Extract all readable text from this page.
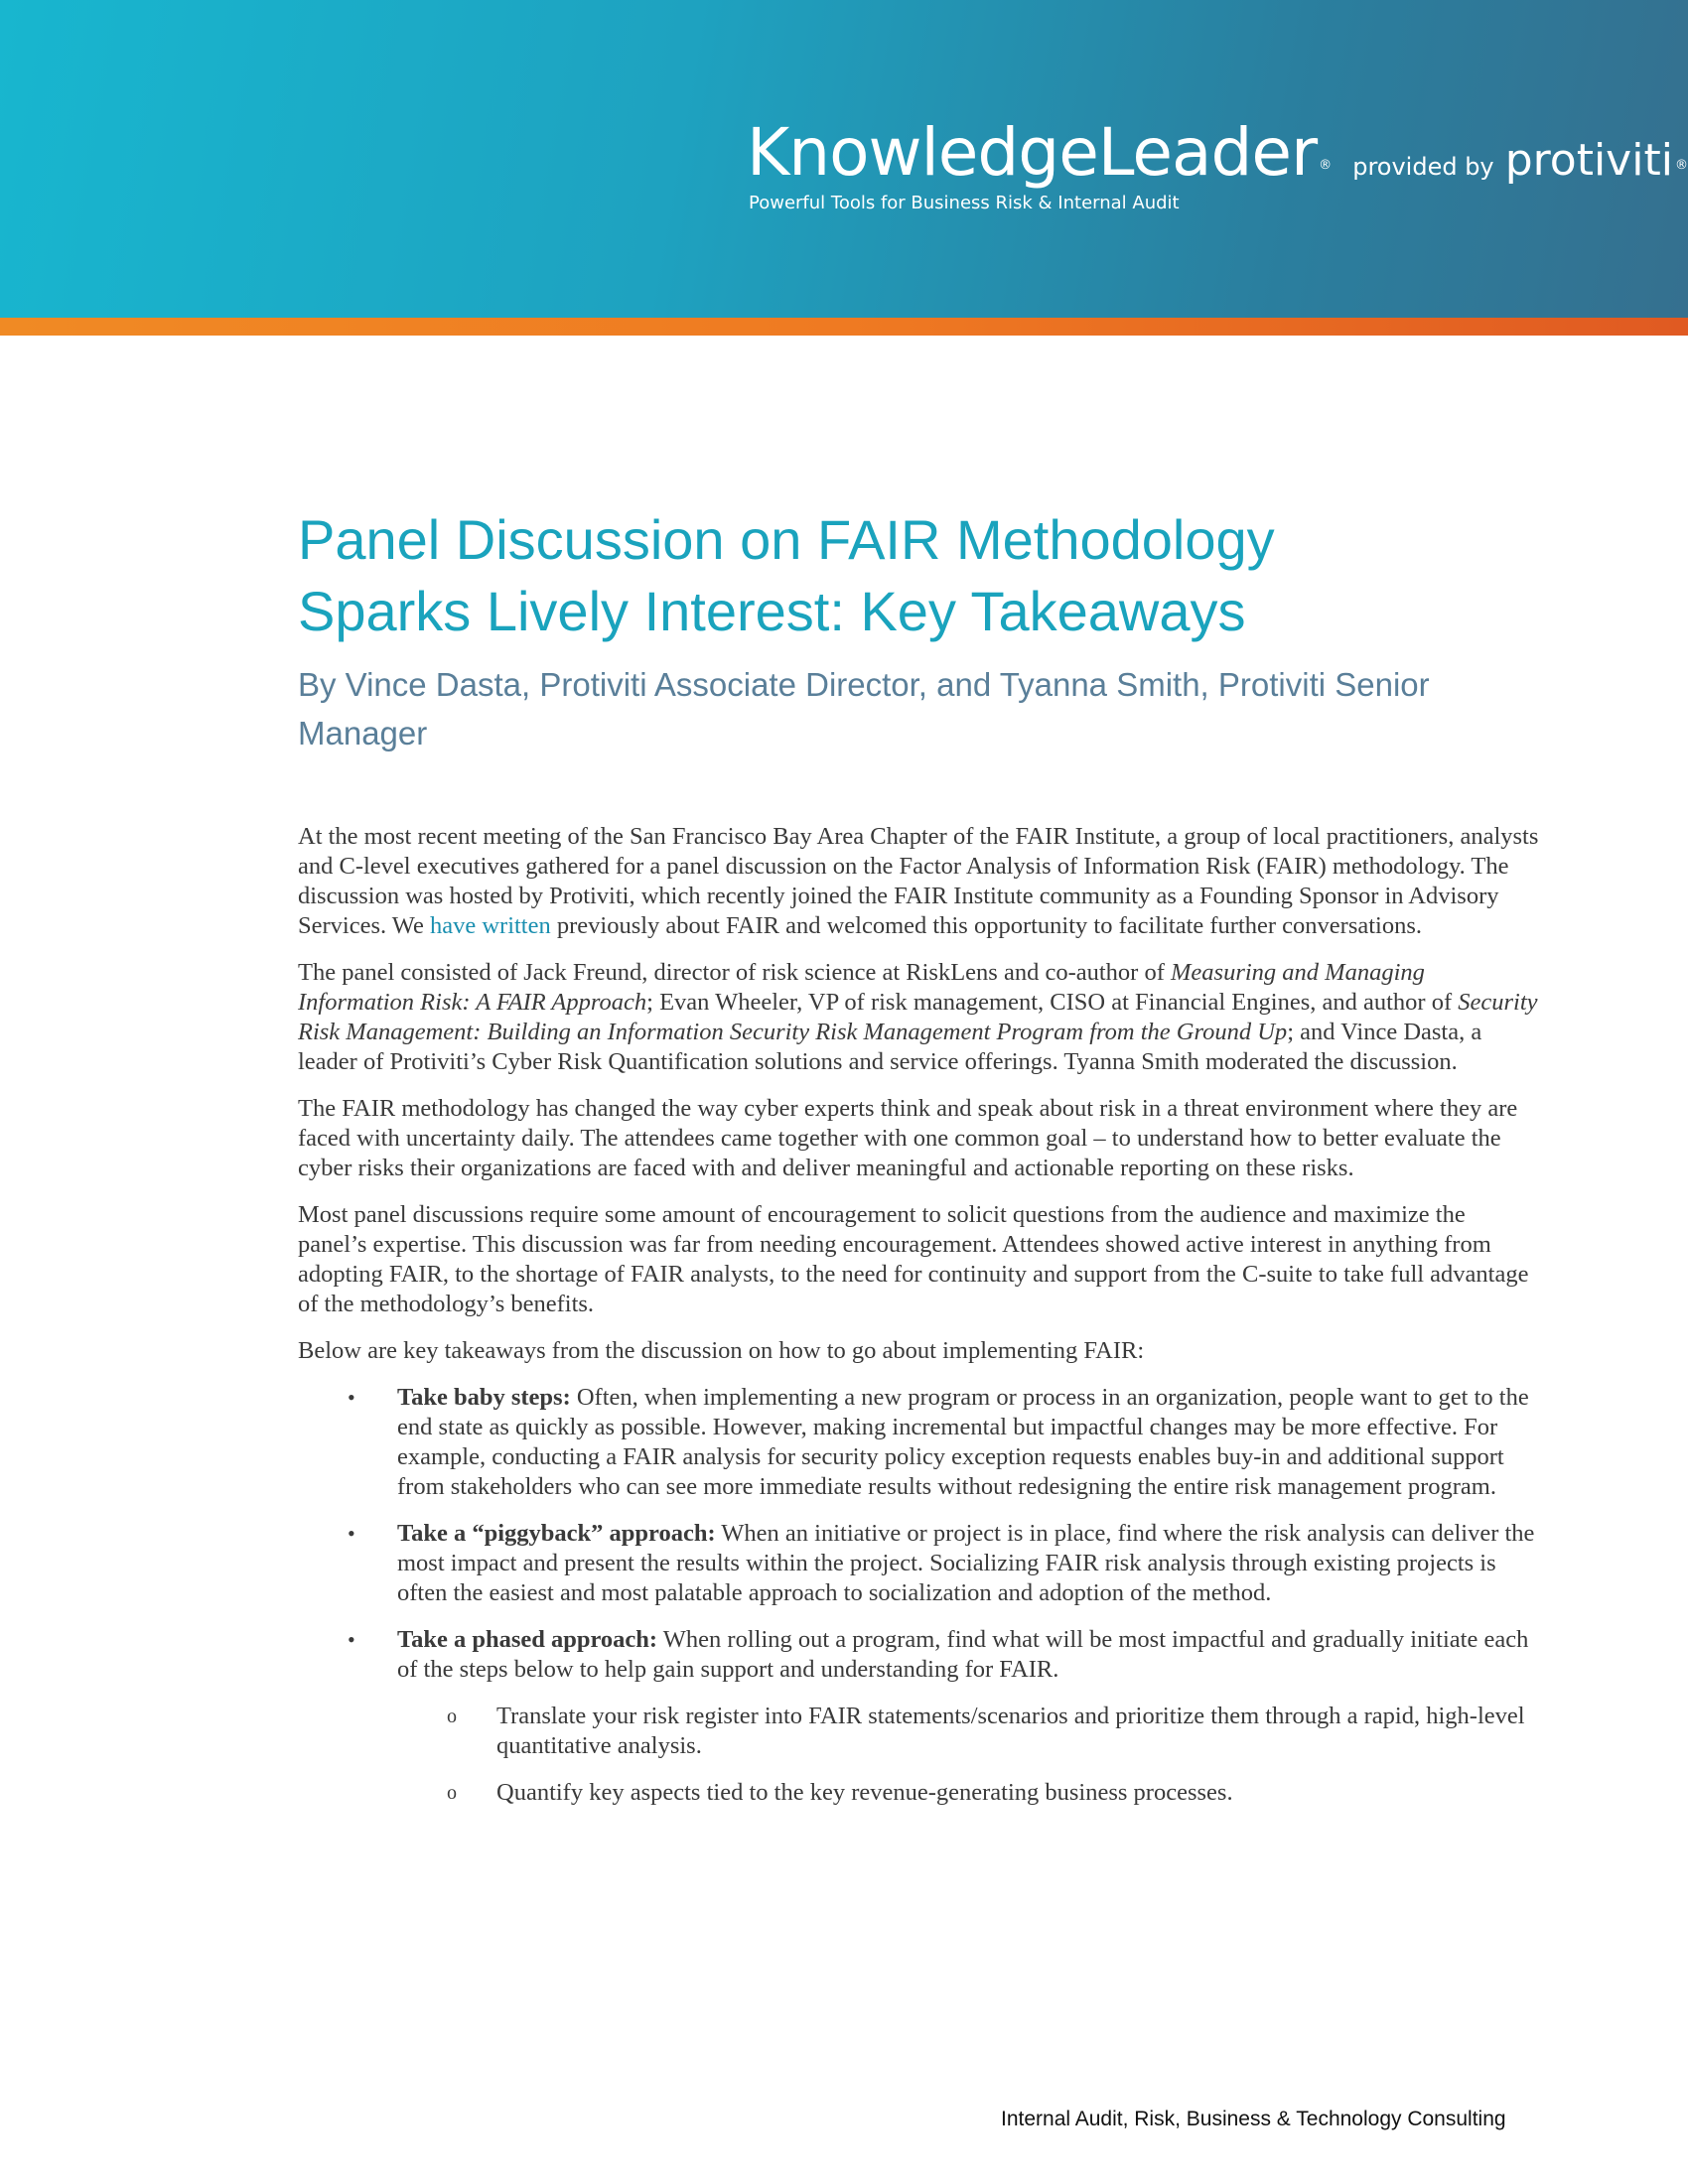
KnowledgeLeader ® provided by protiviti ®
Powerful Tools for Business Risk & Internal Audit
Panel Discussion on FAIR Methodology
Sparks Lively Interest: Key Takeaways

By Vince Dasta, Protiviti Associate Director, and Tyanna Smith, Protiviti Senior Manager

At the most recent meeting of the San Francisco Bay Area Chapter of the FAIR Institute, a group of local practitioners, analysts and C-level executives gathered for a panel discussion on the Factor Analysis of Information Risk (FAIR) methodology. The discussion was hosted by Protiviti, which recently joined the FAIR Institute community as a Founding Sponsor in Advisory Services. We have written previously about FAIR and welcomed this opportunity to facilitate further conversations.

The panel consisted of Jack Freund, director of risk science at RiskLens and co-author of Measuring and Managing Information Risk: A FAIR Approach; Evan Wheeler, VP of risk management, CISO at Financial Engines, and author of Security Risk Management: Building an Information Security Risk Management Program from the Ground Up; and Vince Dasta, a leader of Protiviti’s Cyber Risk Quantification solutions and service offerings. Tyanna Smith moderated the discussion.

The FAIR methodology has changed the way cyber experts think and speak about risk in a threat environment where they are faced with uncertainty daily. The attendees came together with one common goal – to understand how to better evaluate the cyber risks their organizations are faced with and deliver meaningful and actionable reporting on these risks.

Most panel discussions require some amount of encouragement to solicit questions from the audience and maximize the panel’s expertise. This discussion was far from needing encouragement. Attendees showed active interest in anything from adopting FAIR, to the shortage of FAIR analysts, to the need for continuity and support from the C-suite to take full advantage of the methodology’s benefits.

Below are key takeaways from the discussion on how to go about implementing FAIR:

• Take baby steps: Often, when implementing a new program or process in an organization, people want to get to the end state as quickly as possible. However, making incremental but impactful changes may be more effective. For example, conducting a FAIR analysis for security policy exception requests enables buy-in and additional support from stakeholders who can see more immediate results without redesigning the entire risk management program.
• Take a “piggyback” approach: When an initiative or project is in place, find where the risk analysis can deliver the most impact and present the results within the project. Socializing FAIR risk analysis through existing projects is often the easiest and most palatable approach to socialization and adoption of the method.
• Take a phased approach: When rolling out a program, find what will be most impactful and gradually initiate each of the steps below to help gain support and understanding for FAIR.
o Translate your risk register into FAIR statements/scenarios and prioritize them through a rapid, high-level quantitative analysis.
o Quantify key aspects tied to the key revenue-generating business processes.
Internal Audit, Risk, Business & Technology Consulting
